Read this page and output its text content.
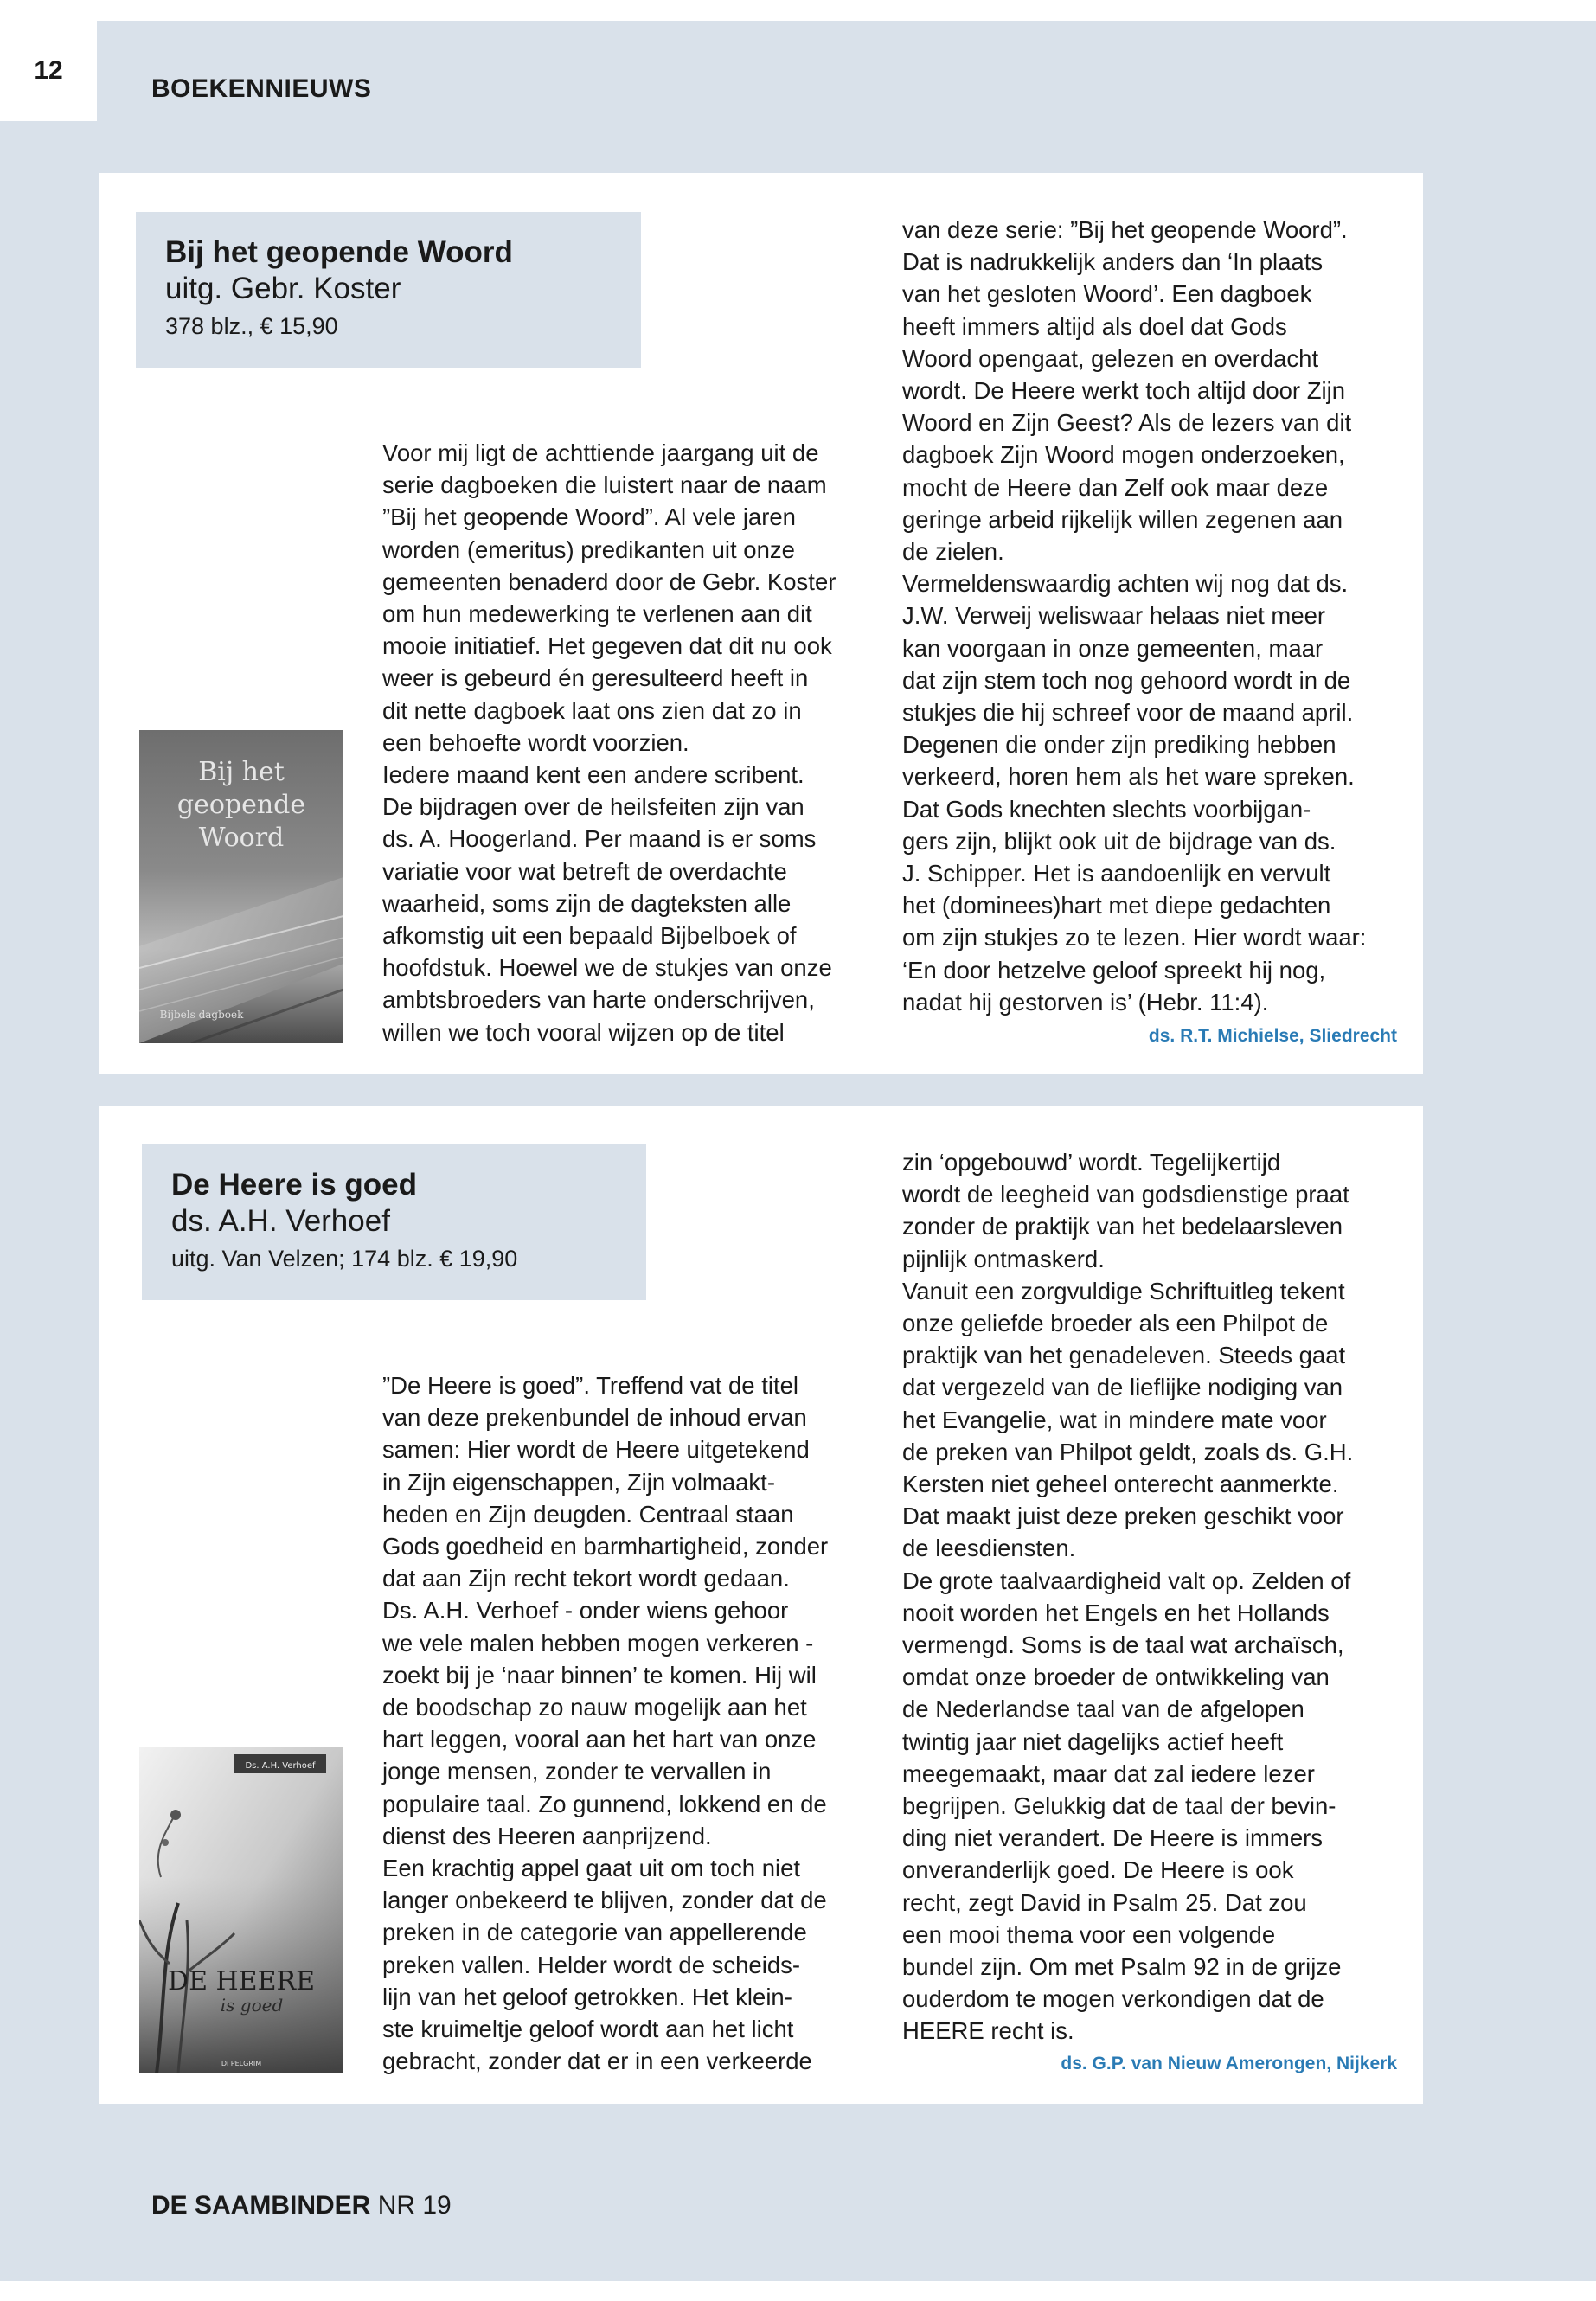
12
BOEKENNIEUWS
Bij het geopende Woord
uitg. Gebr. Koster
378 blz., € 15,90
Bij het
geopende
Woord
Bijbels dagboek

Voor mij ligt de achttiende jaargang uit de

serie dagboeken die luistert naar de naam

”Bij het geopende Woord”. Al vele jaren

worden (emeritus) predikanten uit onze

gemeenten benaderd door de Gebr. Koster

om hun medewerking te verlenen aan dit

mooie initiatief. Het gegeven dat dit nu ook

weer is gebeurd én geresulteerd heeft in

dit nette dagboek laat ons zien dat zo in

een behoefte wordt voorzien.

Iedere maand kent een andere scribent.

De bijdragen over de heilsfeiten zijn van

ds. A. Hoogerland. Per maand is er soms

variatie voor wat betreft de overdachte

waarheid, soms zijn de dagteksten alle

afkomstig uit een bepaald Bijbelboek of

hoofdstuk. Hoewel we de stukjes van onze

ambtsbroeders van harte onderschrijven,

willen we toch vooral wijzen op de titel

van deze serie: ”Bij het geopende Woord”.

Dat is nadrukkelijk anders dan ‘In plaats

van het gesloten Woord’. Een dagboek

heeft immers altijd als doel dat Gods

Woord opengaat, gelezen en overdacht

wordt. De Heere werkt toch altijd door Zijn

Woord en Zijn Geest? Als de lezers van dit

dagboek Zijn Woord mogen onderzoeken,

mocht de Heere dan Zelf ook maar deze

geringe arbeid rijkelijk willen zegenen aan

de zielen.

Vermeldenswaardig achten wij nog dat ds.

J.W. Verweij weliswaar helaas niet meer

kan voorgaan in onze gemeenten, maar

dat zijn stem toch nog gehoord wordt in de

stukjes die hij schreef voor de maand april.

Degenen die onder zijn prediking hebben

verkeerd, horen hem als het ware spreken.

Dat Gods knechten slechts voorbijgan-

gers zijn, blijkt ook uit de bijdrage van ds.

J. Schipper. Het is aandoenlijk en vervult

het (dominees)hart met diepe gedachten

om zijn stukjes zo te lezen. Hier wordt waar:

‘En door hetzelve geloof spreekt hij nog,

nadat hij gestorven is’ (Hebr. 11:4).

ds. R.T. Michielse, Sliedrecht
De Heere is goed
ds. A.H. Verhoef
uitg. Van Velzen; 174 blz. € 19,90
Ds. A.H. Verhoef
DE HEERE
is goed
Di PELGRIM

”De Heere is goed”. Treffend vat de titel

van deze prekenbundel de inhoud ervan

samen: Hier wordt de Heere uitgetekend

in Zijn eigenschappen, Zijn volmaakt-

heden en Zijn deugden. Centraal staan

Gods goedheid en barmhartigheid, zonder

dat aan Zijn recht tekort wordt gedaan.

Ds. A.H. Verhoef - onder wiens gehoor

we vele malen hebben mogen verkeren -

zoekt bij je ‘naar binnen’ te komen. Hij wil

de boodschap zo nauw mogelijk aan het

hart leggen, vooral aan het hart van onze

jonge mensen, zonder te vervallen in

populaire taal. Zo gunnend, lokkend en de

dienst des Heeren aanprijzend.

Een krachtig appel gaat uit om toch niet

langer onbekeerd te blijven, zonder dat de

preken in de categorie van appellerende

preken vallen. Helder wordt de scheids-

lijn van het geloof getrokken. Het klein-

ste kruimeltje geloof wordt aan het licht

gebracht, zonder dat er in een verkeerde

zin ‘opgebouwd’ wordt. Tegelijkertijd

wordt de leegheid van godsdienstige praat

zonder de praktijk van het bedelaarsleven

pijnlijk ontmaskerd.

Vanuit een zorgvuldige Schriftuitleg tekent

onze geliefde broeder als een Philpot de

praktijk van het genadeleven. Steeds gaat

dat vergezeld van de lieflijke nodiging van

het Evangelie, wat in mindere mate voor

de preken van Philpot geldt, zoals ds. G.H.

Kersten niet geheel onterecht aanmerkte.

Dat maakt juist deze preken geschikt voor

de leesdiensten.

De grote taalvaardigheid valt op. Zelden of

nooit worden het Engels en het Hollands

vermengd. Soms is de taal wat archaïsch,

omdat onze broeder de ontwikkeling van

de Nederlandse taal van de afgelopen

twintig jaar niet dagelijks actief heeft

meegemaakt, maar dat zal iedere lezer

begrijpen. Gelukkig dat de taal der bevin-

ding niet verandert. De Heere is immers

onveranderlijk goed. De Heere is ook

recht, zegt David in Psalm 25. Dat zou

een mooi thema voor een volgende

bundel zijn. Om met Psalm 92 in de grijze

ouderdom te mogen verkondigen dat de

HEERE recht is.

ds. G.P. van Nieuw Amerongen, Nijkerk
DE SAAMBINDER NR 19
